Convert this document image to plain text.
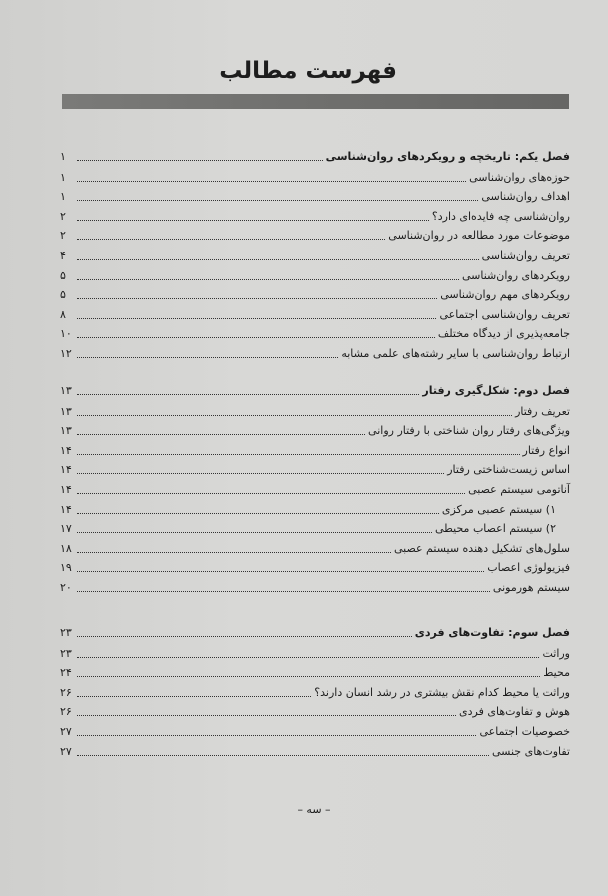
فهرست مطالب
فصل یکم: تاریخچه و رویکردهای روان‌شناسی
۱
حوزه‌های روان‌شناسی
۱
اهداف روان‌شناسی
۱
روان‌شناسی چه فایده‌ای دارد؟
۲
موضوعات مورد مطالعه در روان‌شناسی
۲
تعریف روان‌شناسی
۴
رویکردهای روان‌شناسی
۵
رویکردهای مهم روان‌شناسی
۵
تعریف روان‌شناسی اجتماعی
۸
جامعه‌پذیری از دیدگاه مختلف
۱۰
ارتباط روان‌شناسی با سایر رشته‌های علمی مشابه
۱۲
فصل دوم: شکل‌گیری رفتار
۱۳
تعریف رفتار
۱۳
ویژگی‌های رفتار روان شناختی با رفتار روانی
۱۳
انواع رفتار
۱۴
اساس زیست‌شناختی رفتار
۱۴
آناتومی سیستم عصبی
۱۴
۱) سیستم عصبی مرکزی
۱۴
۲) سیستم اعصاب محیطی
۱۷
سلول‌های تشکیل دهنده سیستم عصبی
۱۸
فیزیولوژی اعصاب
۱۹
سیستم هورمونی
۲۰
فصل سوم: تفاوت‌های فردی
۲۳
وراثت
۲۳
محیط
۲۴
وراثت یا محیط کدام نقش بیشتری در رشد انسان دارند؟
۲۶
هوش و تفاوت‌های فردی
۲۶
خصوصیات اجتماعی
۲۷
تفاوت‌های جنسی
۲۷
– سه –
